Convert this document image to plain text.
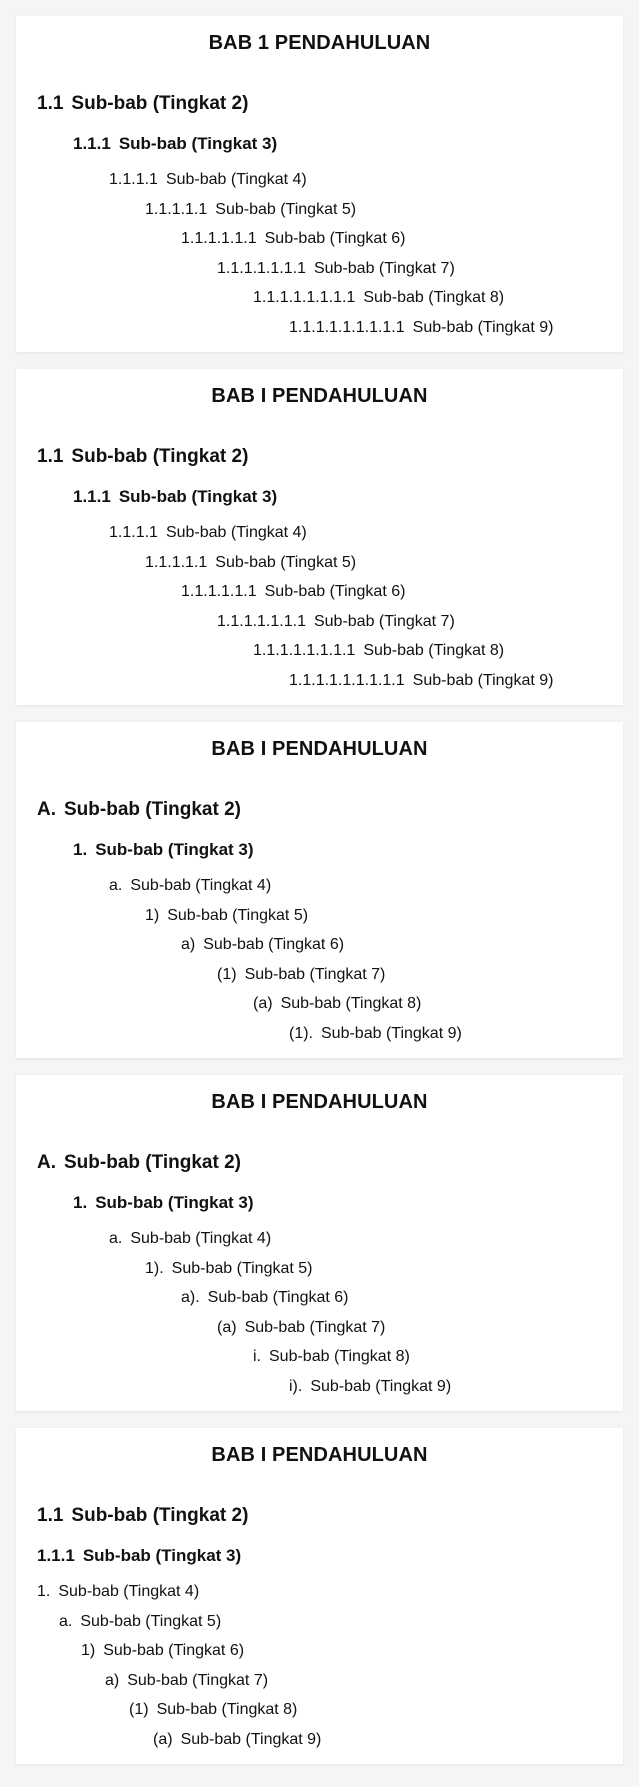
BAB 1 PENDAHULUAN
1.1 Sub-bab (Tingkat 2)
1.1.1 Sub-bab (Tingkat 3)
1.1.1.1 Sub-bab (Tingkat 4)
1.1.1.1.1 Sub-bab (Tingkat 5)
1.1.1.1.1.1 Sub-bab (Tingkat 6)
1.1.1.1.1.1.1 Sub-bab (Tingkat 7)
1.1.1.1.1.1.1.1 Sub-bab (Tingkat 8)
1.1.1.1.1.1.1.1.1 Sub-bab (Tingkat 9)
BAB I PENDAHULUAN
1.1 Sub-bab (Tingkat 2)
1.1.1 Sub-bab (Tingkat 3)
1.1.1.1 Sub-bab (Tingkat 4)
1.1.1.1.1 Sub-bab (Tingkat 5)
1.1.1.1.1.1 Sub-bab (Tingkat 6)
1.1.1.1.1.1.1 Sub-bab (Tingkat 7)
1.1.1.1.1.1.1.1 Sub-bab (Tingkat 8)
1.1.1.1.1.1.1.1.1 Sub-bab (Tingkat 9)
BAB I PENDAHULUAN
A. Sub-bab (Tingkat 2)
1. Sub-bab (Tingkat 3)
a. Sub-bab (Tingkat 4)
1) Sub-bab (Tingkat 5)
a) Sub-bab (Tingkat 6)
(1) Sub-bab (Tingkat 7)
(a) Sub-bab (Tingkat 8)
(1). Sub-bab (Tingkat 9)
BAB I PENDAHULUAN
A. Sub-bab (Tingkat 2)
1. Sub-bab (Tingkat 3)
a. Sub-bab (Tingkat 4)
1). Sub-bab (Tingkat 5)
a). Sub-bab (Tingkat 6)
(a) Sub-bab (Tingkat 7)
i. Sub-bab (Tingkat 8)
i). Sub-bab (Tingkat 9)
BAB I PENDAHULUAN
1.1 Sub-bab (Tingkat 2)
1.1.1 Sub-bab (Tingkat 3)
1. Sub-bab (Tingkat 4)
a. Sub-bab (Tingkat 5)
1) Sub-bab (Tingkat 6)
a) Sub-bab (Tingkat 7)
(1) Sub-bab (Tingkat 8)
(a) Sub-bab (Tingkat 9)
